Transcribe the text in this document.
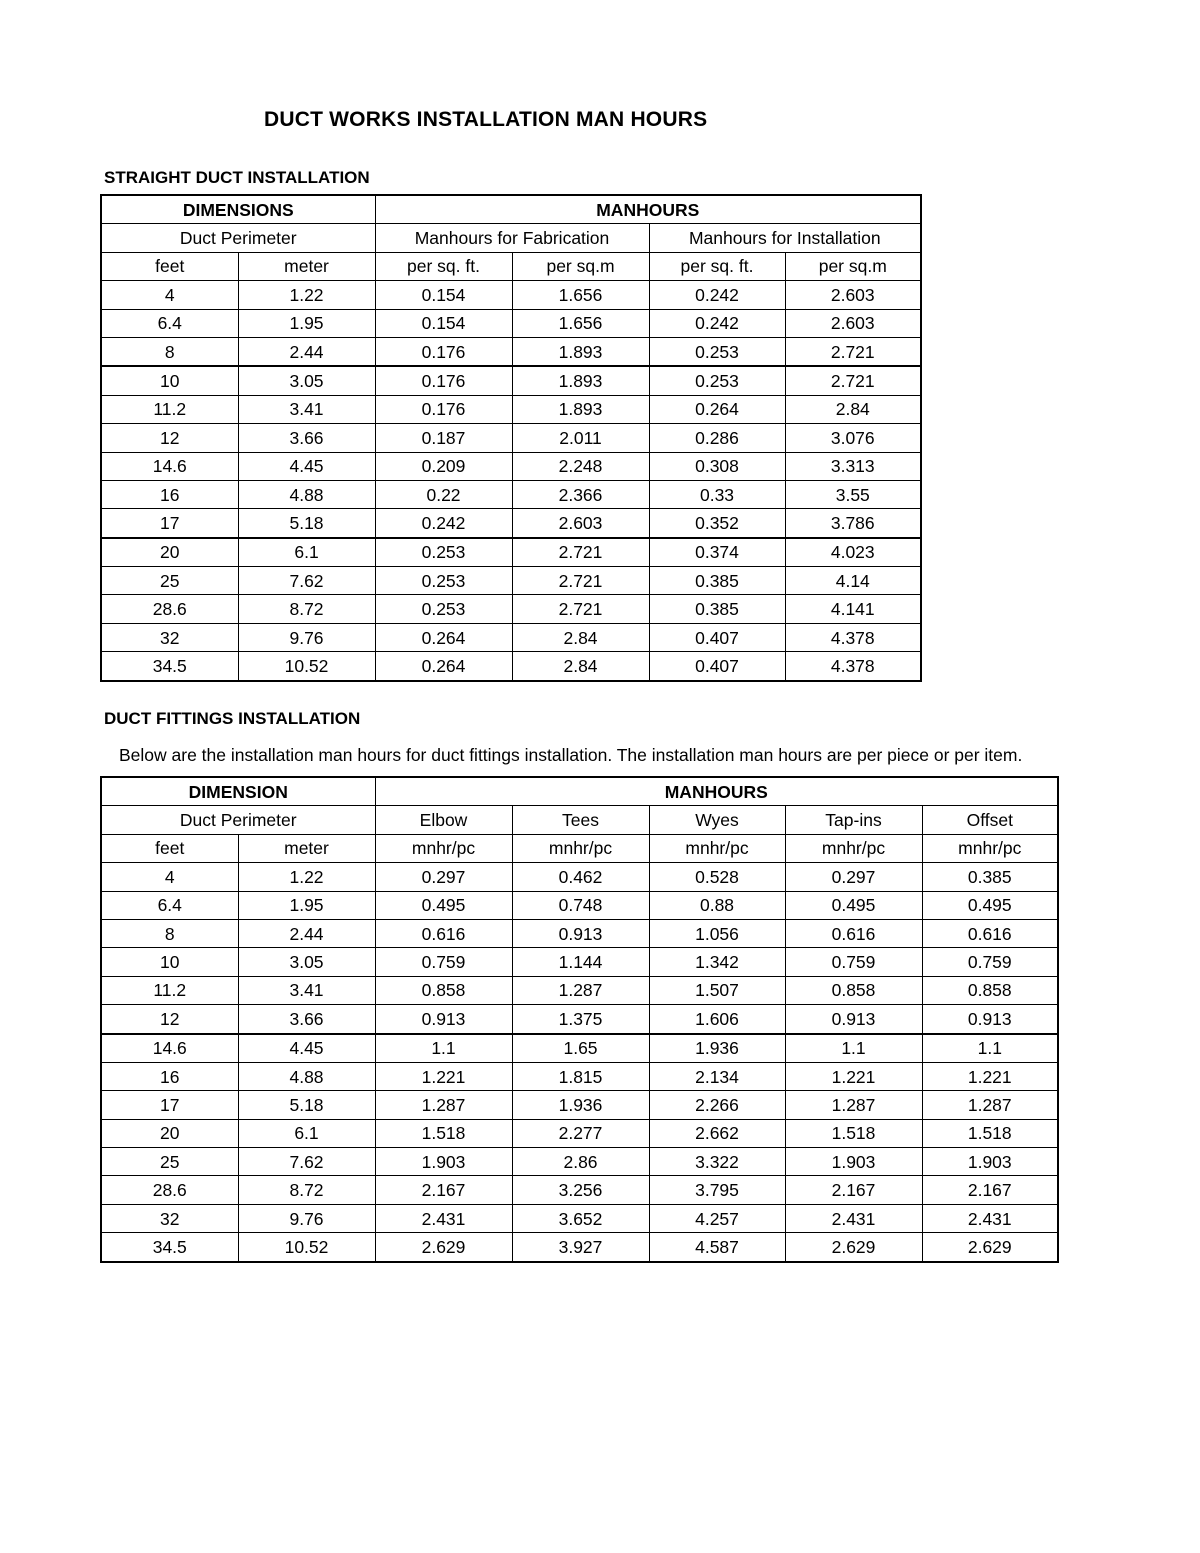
DUCT WORKS INSTALLATION MAN HOURS
STRAIGHT DUCT INSTALLATION
DIMENSIONS		MANHOURS			
Duct Perimeter		Manhours for Fabrication		Manhours for Installation	
feet	meter	per sq. ft.	per sq.m	per sq. ft.	per sq.m
4	1.22	0.154	1.656	0.242	2.603
6.4	1.95	0.154	1.656	0.242	2.603
8	2.44	0.176	1.893	0.253	2.721
10	3.05	0.176	1.893	0.253	2.721
11.2	3.41	0.176	1.893	0.264	2.84
12	3.66	0.187	2.011	0.286	3.076
14.6	4.45	0.209	2.248	0.308	3.313
16	4.88	0.22	2.366	0.33	3.55
17	5.18	0.242	2.603	0.352	3.786
20	6.1	0.253	2.721	0.374	4.023
25	7.62	0.253	2.721	0.385	4.14
28.6	8.72	0.253	2.721	0.385	4.141
32	9.76	0.264	2.84	0.407	4.378
34.5	10.52	0.264	2.84	0.407	4.378
DUCT FITTINGS INSTALLATION
Below are the installation man hours for duct fittings installation. The installation man hours are per piece or per item.
DIMENSION		MANHOURS				
Duct Perimeter		Elbow	Tees	Wyes	Tap-ins	Offset
feet	meter	mnhr/pc	mnhr/pc	mnhr/pc	mnhr/pc	mnhr/pc
4	1.22	0.297	0.462	0.528	0.297	0.385
6.4	1.95	0.495	0.748	0.88	0.495	0.495
8	2.44	0.616	0.913	1.056	0.616	0.616
10	3.05	0.759	1.144	1.342	0.759	0.759
11.2	3.41	0.858	1.287	1.507	0.858	0.858
12	3.66	0.913	1.375	1.606	0.913	0.913
14.6	4.45	1.1	1.65	1.936	1.1	1.1
16	4.88	1.221	1.815	2.134	1.221	1.221
17	5.18	1.287	1.936	2.266	1.287	1.287
20	6.1	1.518	2.277	2.662	1.518	1.518
25	7.62	1.903	2.86	3.322	1.903	1.903
28.6	8.72	2.167	3.256	3.795	2.167	2.167
32	9.76	2.431	3.652	4.257	2.431	2.431
34.5	10.52	2.629	3.927	4.587	2.629	2.629
